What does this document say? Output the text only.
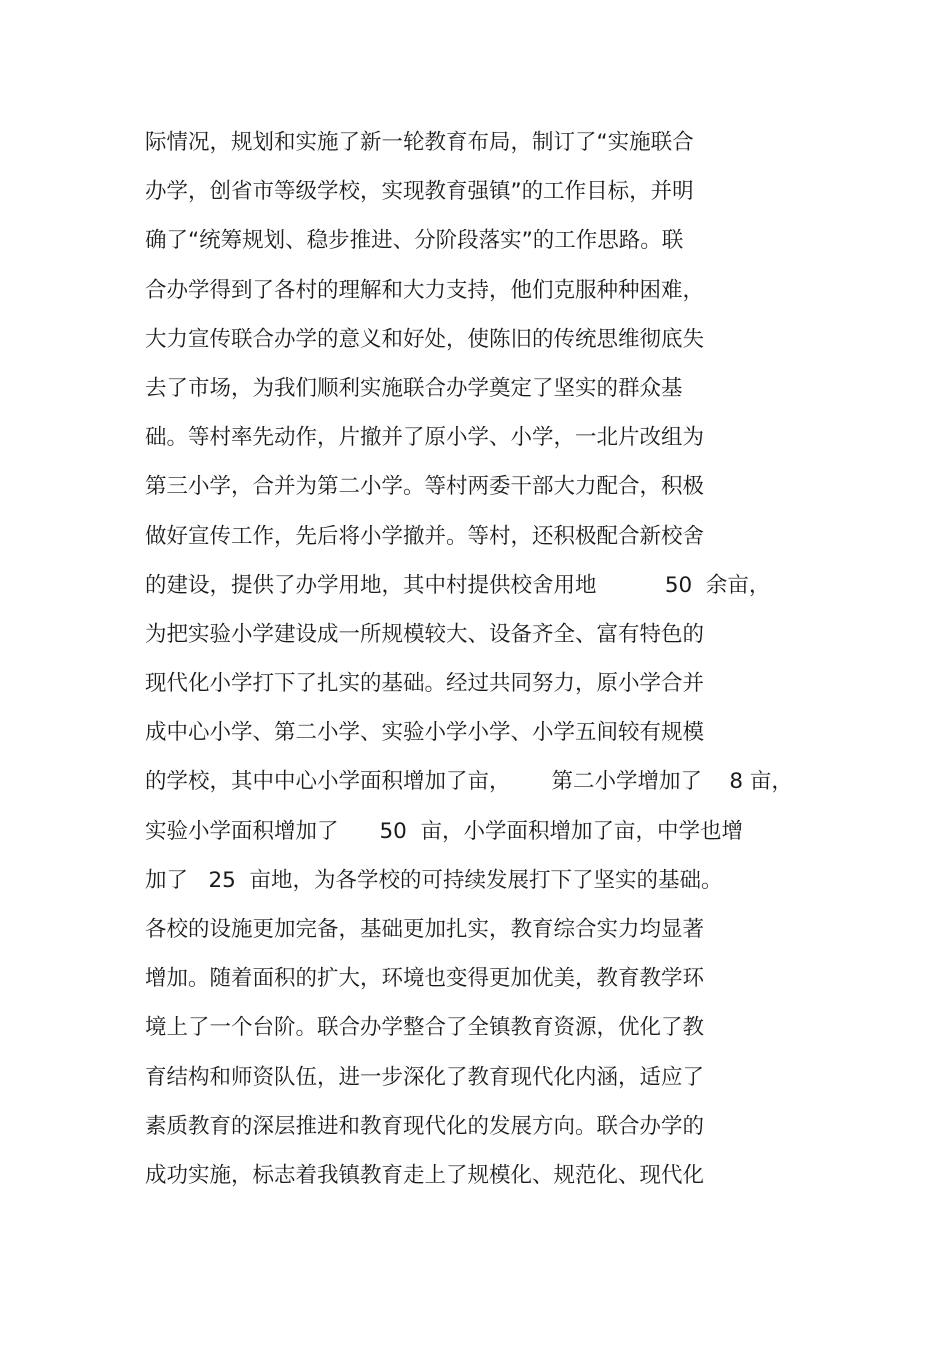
际情况，规划和实施了新一轮教育布局，制订了“实施联合
办学，创省市等级学校，实现教育强镇”的工作目标，并明
确了“统筹规划、稳步推进、分阶段落实”的工作思路。联
合办学得到了各村的理解和大力支持，他们克服种种困难，
大力宣传联合办学的意义和好处，使陈旧的传统思维彻底失
去了市场，为我们顺利实施联合办学奠定了坚实的群众基
础。等村率先动作，片撤并了原小学、小学，一北片改组为
第三小学，合并为第二小学。等村两委干部大力配合，积极
做好宣传工作，先后将小学撤并。等村，还积极配合新校舍
的建设，提供了办学用地，其中村提供校舍用地          50  余亩，
为把实验小学建设成一所规模较大、设备齐全、富有特色的
现代化小学打下了扎实的基础。经过共同努力，原小学合并
成中心小学、第二小学、实验小学小学、小学五间较有规模
的学校，其中中心小学面积增加了亩，      第二小学增加了    8 亩，
实验小学面积增加了      50  亩，小学面积增加了亩，中学也增
加了   25  亩地，为各学校的可持续发展打下了坚实的基础。
各校的设施更加完备，基础更加扎实，教育综合实力均显著
增加。随着面积的扩大，环境也变得更加优美，教育教学环
境上了一个台阶。联合办学整合了全镇教育资源，优化了教
育结构和师资队伍，进一步深化了教育现代化内涵，适应了
素质教育的深层推进和教育现代化的发展方向。联合办学的
成功实施，标志着我镇教育走上了规模化、规范化、现代化
